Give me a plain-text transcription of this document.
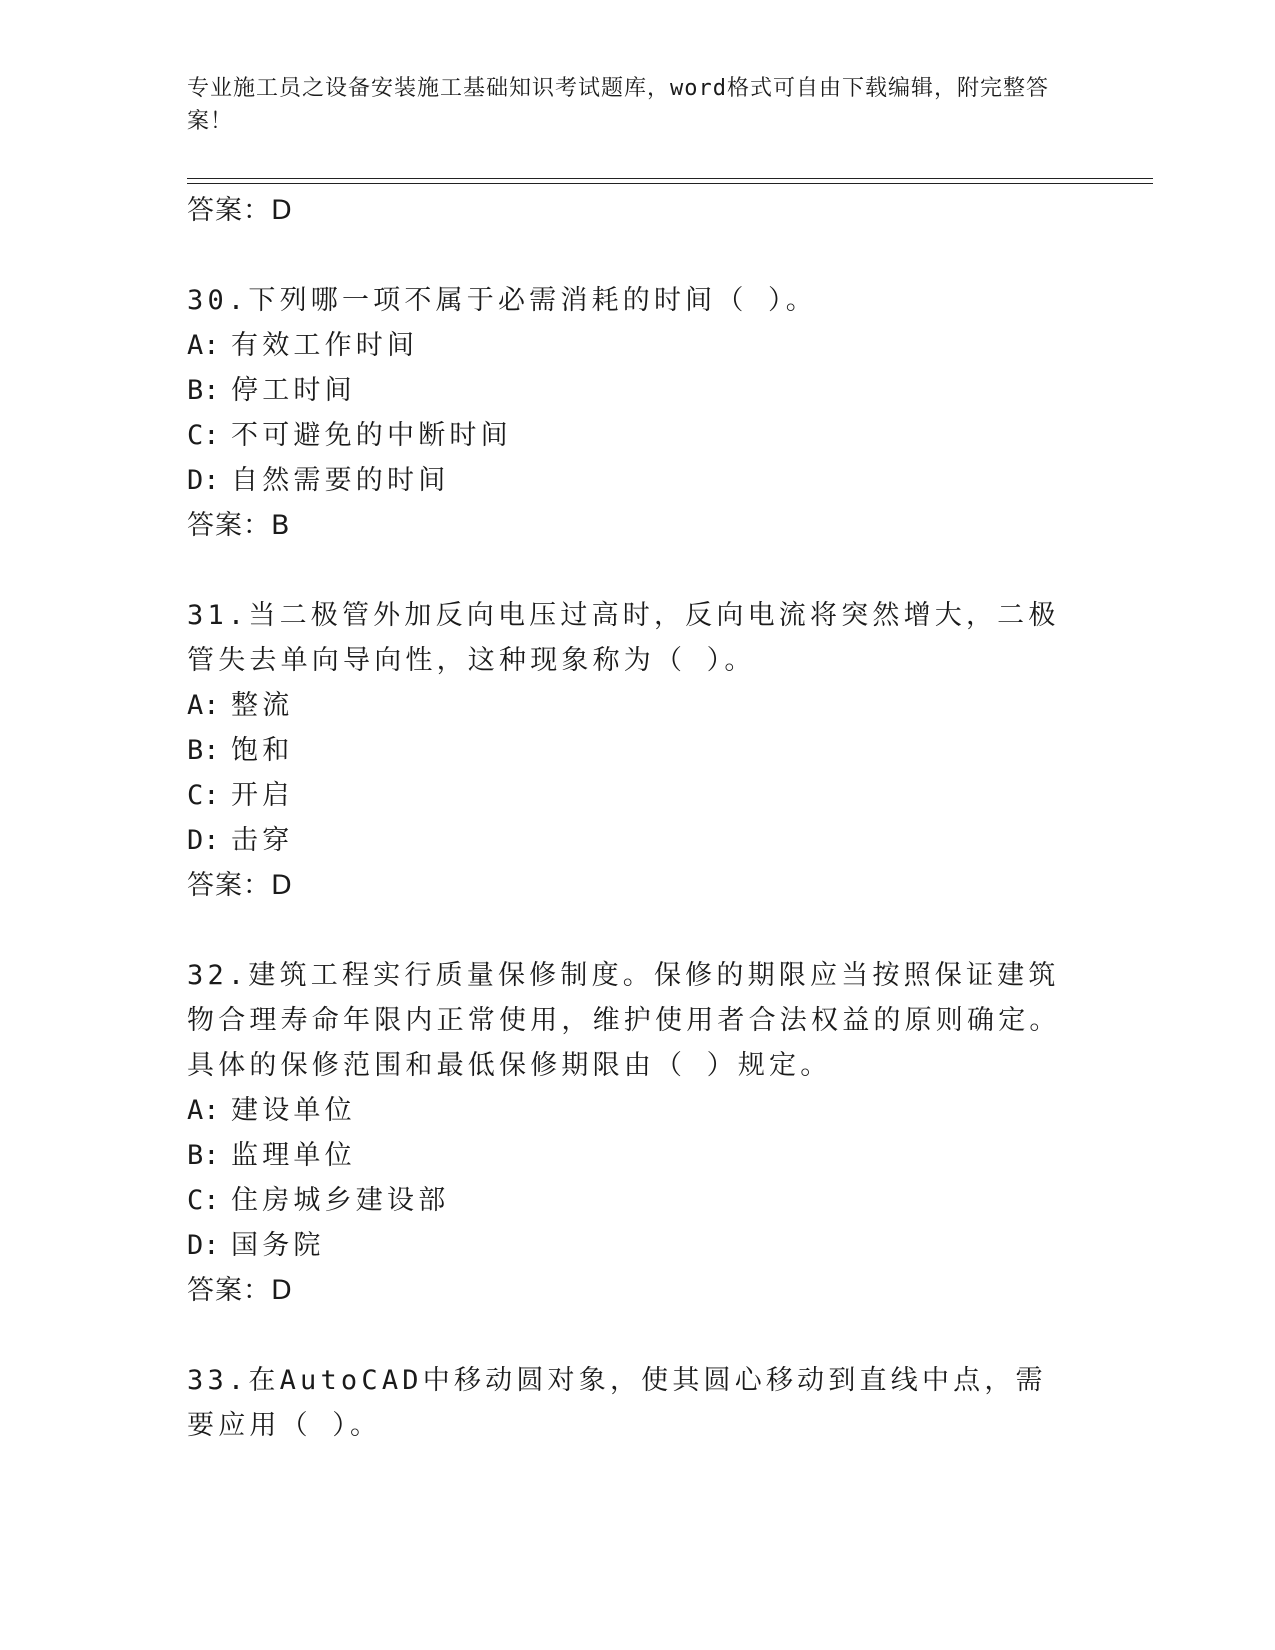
专业施工员之设备安装施工基础知识考试题库，word格式可自由下载编辑，附完整答案！
答案：D
30.下列哪一项不属于必需消耗的时间（ ）。
A: 有效工作时间
B: 停工时间
C: 不可避免的中断时间
D: 自然需要的时间
答案：B
31.当二极管外加反向电压过高时，反向电流将突然增大，二极管失去单向导向性，这种现象称为（ ）。
A: 整流
B: 饱和
C: 开启
D: 击穿
答案：D
32.建筑工程实行质量保修制度。保修的期限应当按照保证建筑物合理寿命年限内正常使用，维护使用者合法权益的原则确定。具体的保修范围和最低保修期限由（ ）规定。
A: 建设单位
B: 监理单位
C: 住房城乡建设部
D: 国务院
答案：D
33.在AutoCAD中移动圆对象，使其圆心移动到直线中点，需要应用（ ）。
